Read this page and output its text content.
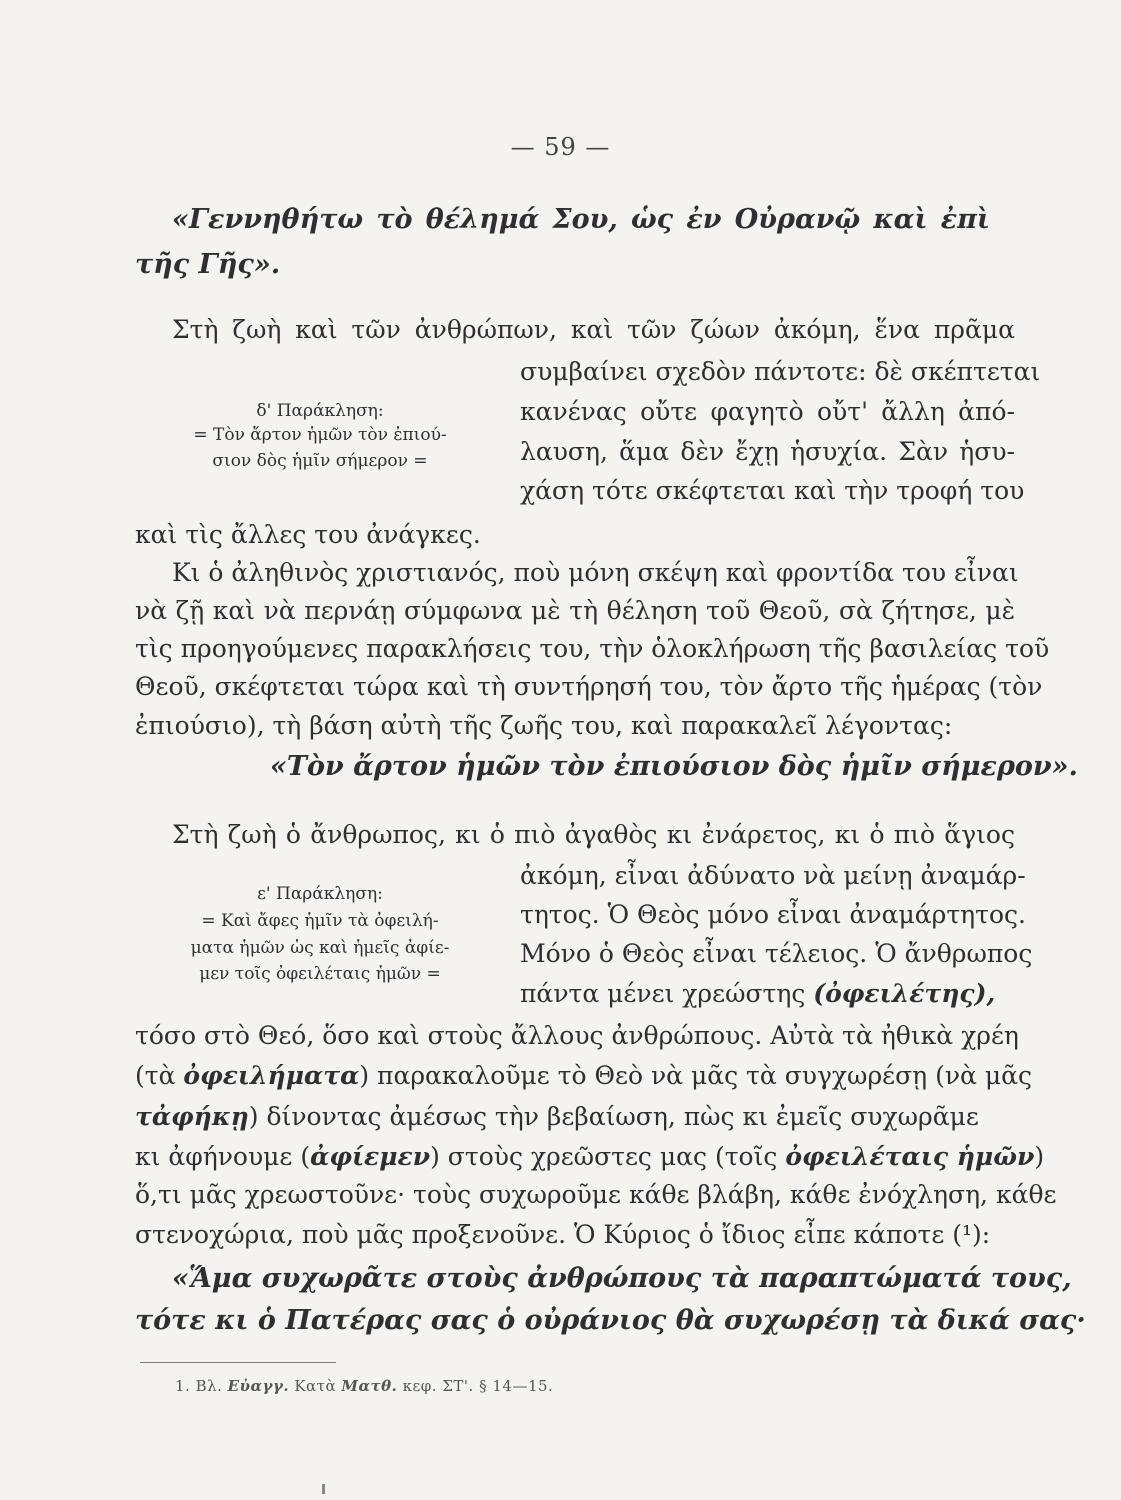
— 59 —
«Γεννηθήτω τὸ θέλημά Σου, ὡς ἐν Οὐρανῷ καὶ ἐπὶ
τῆς Γῆς».
Στὴ ζωὴ καὶ τῶν ἀνθρώπων, καὶ τῶν ζώων ἀκόμη, ἕνα πρᾶμα
συμβαίνει σχεδὸν πάντοτε: δὲ σκέπτεται
κανένας οὔτε φαγητὸ οὔτ' ἄλλη ἀπό-
λαυση, ἅμα δὲν ἔχῃ ἡσυχία. Σὰν ἡσυ-
χάση τότε σκέφτεται καὶ τὴν τροφή του
δ' Παράκληση:
= Τὸν ἄρτον ἡμῶν τὸν ἐπιού-
σιον δὸς ἡμῖν σήμερον =
καὶ τὶς ἄλλες του ἀνάγκες.
Κι ὁ ἀληθινὸς χριστιανός, ποὺ μόνη σκέψη καὶ φροντίδα του εἶναι
νὰ ζῇ καὶ νὰ περνάῃ σύμφωνα μὲ τὴ θέληση τοῦ Θεοῦ, σὰ ζήτησε, μὲ
τὶς προηγούμενες παρακλήσεις του, τὴν ὁλοκλήρωση τῆς βασιλείας τοῦ
Θεοῦ, σκέφτεται τώρα καὶ τὴ συντήρησή του, τὸν ἄρτο τῆς ἡμέρας (τὸν
ἐπιούσιο), τὴ βάση αὐτὴ τῆς ζωῆς του, καὶ παρακαλεῖ λέγοντας:
«Τὸν ἄρτον ἡμῶν τὸν ἐπιούσιον δὸς ἡμῖν σήμερον».
Στὴ ζωὴ ὁ ἄνθρωπος, κι ὁ πιὸ ἀγαθὸς κι ἐνάρετος, κι ὁ πιὸ ἅγιος
ἀκόμη, εἶναι ἀδύνατο νὰ μείνῃ ἀναμάρ-
τητος. Ὁ Θεὸς μόνο εἶναι ἀναμάρτητος.
Μόνο ὁ Θεὸς εἶναι τέλειος. Ὁ ἄνθρωπος
πάντα μένει χρεώστης (ὀφειλέτης),
ε' Παράκληση:
= Καὶ ἄφες ἡμῖν τὰ ὀφειλή-
ματα ἡμῶν ὡς καὶ ἡμεῖς ἀφίε-
μεν τοῖς ὀφειλέταις ἡμῶν =
τόσο στὸ Θεό, ὅσο καὶ στοὺς ἄλλους ἀνθρώπους. Αὐτὰ τὰ ἠθικὰ χρέη
(τὰ ὀφειλήματα) παρακαλοῦμε τὸ Θεὸ νὰ μᾶς τὰ συγχωρέσῃ (νὰ μᾶς
τἀφήκῃ) δίνοντας ἀμέσως τὴν βεβαίωση, πὼς κι ἐμεῖς συχωρᾶμε
κι ἀφήνουμε (ἀφίεμεν) στοὺς χρεῶστες μας (τοῖς ὀφειλέταις ἡμῶν)
ὅ,τι μᾶς χρεωστοῦνε· τοὺς συχωροῦμε κάθε βλάβη, κάθε ἐνόχληση, κάθε
στενοχώρια, ποὺ μᾶς προξενοῦνε. Ὁ Κύριος ὁ ἴδιος εἶπε κάποτε (¹):
«Ἅμα συχωρᾶτε στοὺς ἀνθρώπους τὰ παραπτώματά τους,
τότε κι ὁ Πατέρας σας ὁ οὐράνιος θὰ συχωρέσῃ τὰ δικά σας·
1. Βλ. Εὐαγγ. Κατὰ Ματθ. κεφ. ΣΤ'. § 14—15.
